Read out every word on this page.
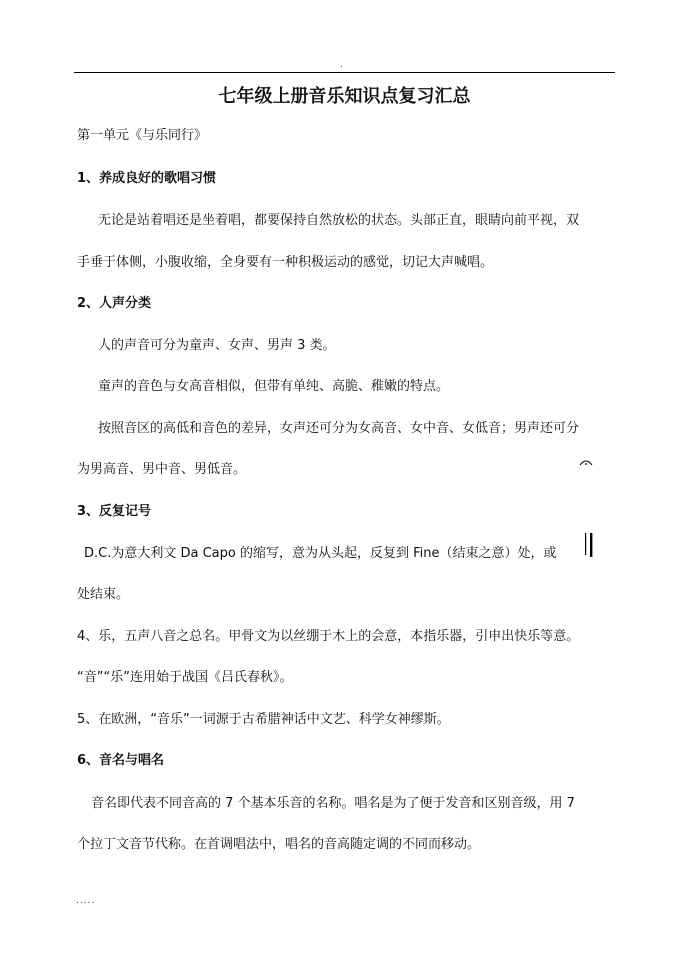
.
七年级上册音乐知识点复习汇总
第一单元《与乐同行》
1、养成良好的歌唱习惯
无论是站着唱还是坐着唱，都要保持自然放松的状态。头部正直，眼睛向前平视，双
手垂于体侧，小腹收缩，全身要有一种积极运动的感觉，切记大声喊唱。
2、人声分类
人的声音可分为童声、女声、男声 3 类。
童声的音色与女高音相似，但带有单纯、高脆、稚嫩的特点。
按照音区的高低和音色的差异，女声还可分为女高音、女中音、女低音；男声还可分
为男高音、男中音、男低音。
3、反复记号
D.C.为意大利文 Da Capo 的缩写，意为从头起，反复到 Fine（结束之意）处，或
处结束。
4、乐，五声八音之总名。甲骨文为以丝绷于木上的会意，本指乐器，引申出快乐等意。
“音”“乐”连用始于战国《吕氏春秋》。
5、在欧洲，“音乐”一词源于古希腊神话中文艺、科学女神缪斯。
6、音名与唱名
音名即代表不同音高的 7 个基本乐音的名称。唱名是为了便于发音和区别音级，用 7
个拉丁文音节代称。在首调唱法中，唱名的音高随定调的不同而移动。
.....
